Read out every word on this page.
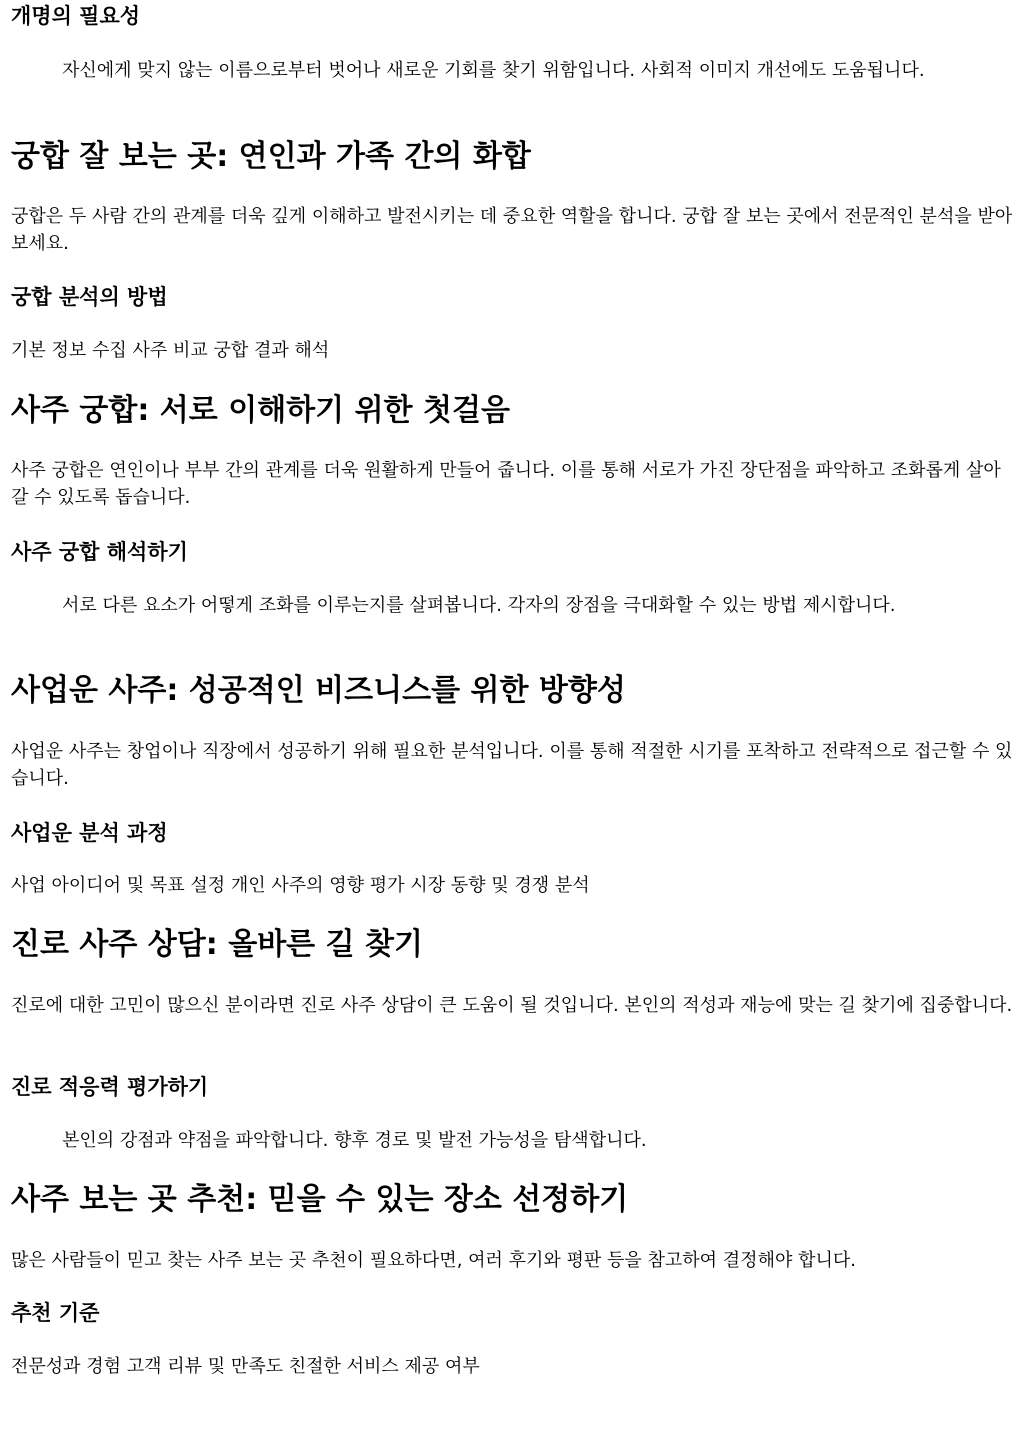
개명의 필요성

자신에게 맞지 않는 이름으로부터 벗어나 새로운 기회를 찾기 위함입니다. 사회적 이미지 개선에도 도움됩니다.

궁합 잘 보는 곳: 연인과 가족 간의 화합

궁합은 두 사람 간의 관계를 더욱 깊게 이해하고 발전시키는 데 중요한 역할을 합니다. 궁합 잘 보는 곳에서 전문적인 분석을 받아보세요.

궁합 분석의 방법

기본 정보 수집 사주 비교 궁합 결과 해석

사주 궁합: 서로 이해하기 위한 첫걸음

사주 궁합은 연인이나 부부 간의 관계를 더욱 원활하게 만들어 줍니다. 이를 통해 서로가 가진 장단점을 파악하고 조화롭게 살아갈 수 있도록 돕습니다.

사주 궁합 해석하기

서로 다른 요소가 어떻게 조화를 이루는지를 살펴봅니다. 각자의 장점을 극대화할 수 있는 방법 제시합니다.

사업운 사주: 성공적인 비즈니스를 위한 방향성

사업운 사주는 창업이나 직장에서 성공하기 위해 필요한 분석입니다. 이를 통해 적절한 시기를 포착하고 전략적으로 접근할 수 있습니다.

사업운 분석 과정

사업 아이디어 및 목표 설정 개인 사주의 영향 평가 시장 동향 및 경쟁 분석

진로 사주 상담: 올바른 길 찾기

진로에 대한 고민이 많으신 분이라면 진로 사주 상담이 큰 도움이 될 것입니다. 본인의 적성과 재능에 맞는 길 찾기에 집중합니다.

진로 적응력 평가하기

본인의 강점과 약점을 파악합니다. 향후 경로 및 발전 가능성을 탐색합니다.

사주 보는 곳 추천: 믿을 수 있는 장소 선정하기

많은 사람들이 믿고 찾는 사주 보는 곳 추천이 필요하다면, 여러 후기와 평판 등을 참고하여 결정해야 합니다.

추천 기준

전문성과 경험 고객 리뷰 및 만족도 친절한 서비스 제공 여부
